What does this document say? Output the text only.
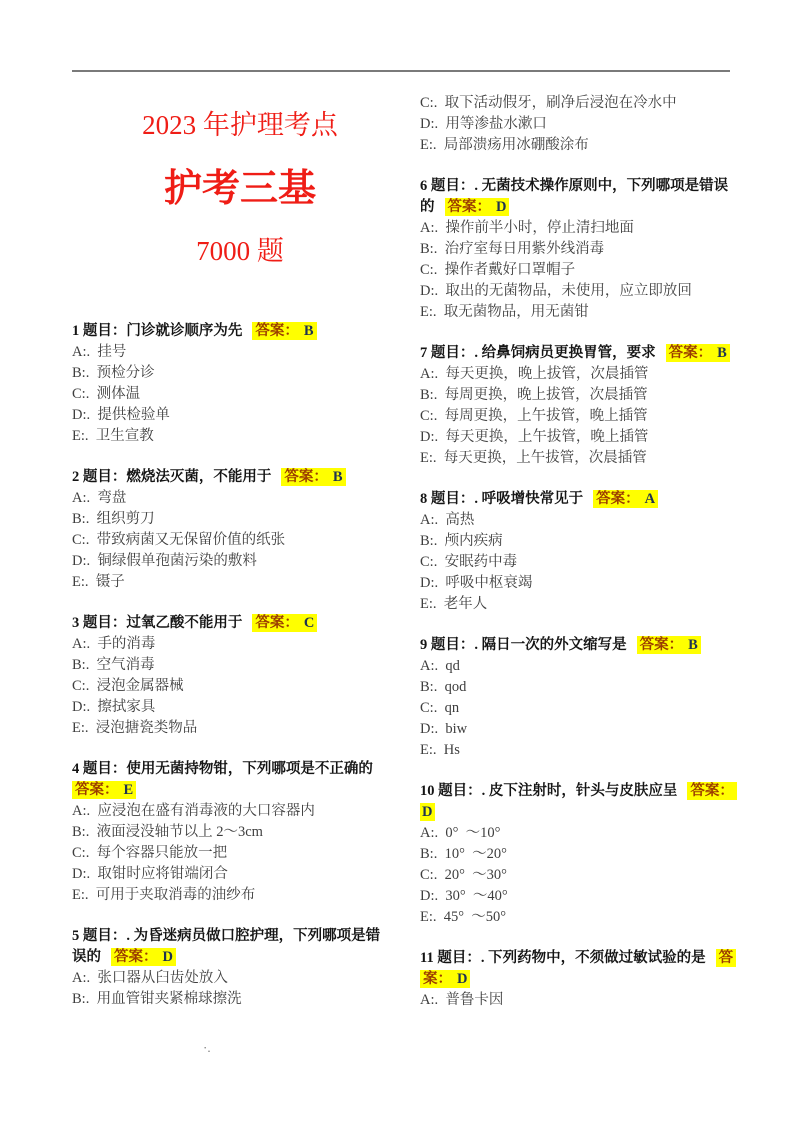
2023 年护理考点
护考三基
7000 题
1 题目：门诊就诊顺序为先 答案： B
A:.  挂号
B:.  预检分诊
C:.  测体温
D:.  提供检验单
E:.  卫生宣教
2 题目：燃烧法灭菌，不能用于 答案： B
A:.  弯盘
B:.  组织剪刀
C:.  带致病菌又无保留价值的纸张
D:.  铜绿假单孢菌污染的敷料
E:.  镊子
3 题目：过氧乙酸不能用于 答案： C
A:.  手的消毒
B:.  空气消毒
C:.  浸泡金属器械
D:.  擦拭家具
E:.  浸泡搪瓷类物品
4 题目：使用无菌持物钳，下列哪项是不正确的
答案： E
A:.  应浸泡在盛有消毒液的大口容器内
B:.  液面浸没轴节以上 2～3cm
C:.  每个容器只能放一把
D:.  取钳时应将钳端闭合
E:.  可用于夹取消毒的油纱布
5 题目：. 为昏迷病员做口腔护理，下列哪项是错
误的 答案： D
A:.  张口器从臼齿处放入
B:.  用血管钳夹紧棉球擦洗
C:.  取下活动假牙，刷净后浸泡在冷水中
D:.  用等渗盐水漱口
E:.  局部溃疡用冰硼酸涂布
6 题目：. 无菌技术操作原则中，下列哪项是错误
的 答案： D
A:.  操作前半小时，停止清扫地面
B:.  治疗室每日用紫外线消毒
C:.  操作者戴好口罩帽子
D:.  取出的无菌物品，未使用，应立即放回
E:.  取无菌物品，用无菌钳
7 题目：. 给鼻饲病员更换胃管，要求 答案： B
A:.  每天更换，晚上拔管，次晨插管
B:.  每周更换，晚上拔管，次晨插管
C:.  每周更换，上午拔管，晚上插管
D:.  每天更换，上午拔管，晚上插管
E:.  每天更换，上午拔管，次晨插管
8 题目：. 呼吸增快常见于 答案： A
A:.  高热
B:.  颅内疾病
C:.  安眠药中毒
D:.  呼吸中枢衰竭
E:.  老年人
9 题目：. 隔日一次的外文缩写是 答案： B
A:.  qd
B:.  qod
C:.  qn
D:.  biw
E:.  Hs
10 题目：. 皮下注射时，针头与皮肤应呈 答案：
D
A:.  0°  ～10°
B:.  10°  ～20°
C:.  20°  ～30°
D:.  30°  ～40°
E:.  45°  ～50°
11 题目：. 下列药物中，不须做过敏试验的是 答
案： D
A:.  普鲁卡因
·.
